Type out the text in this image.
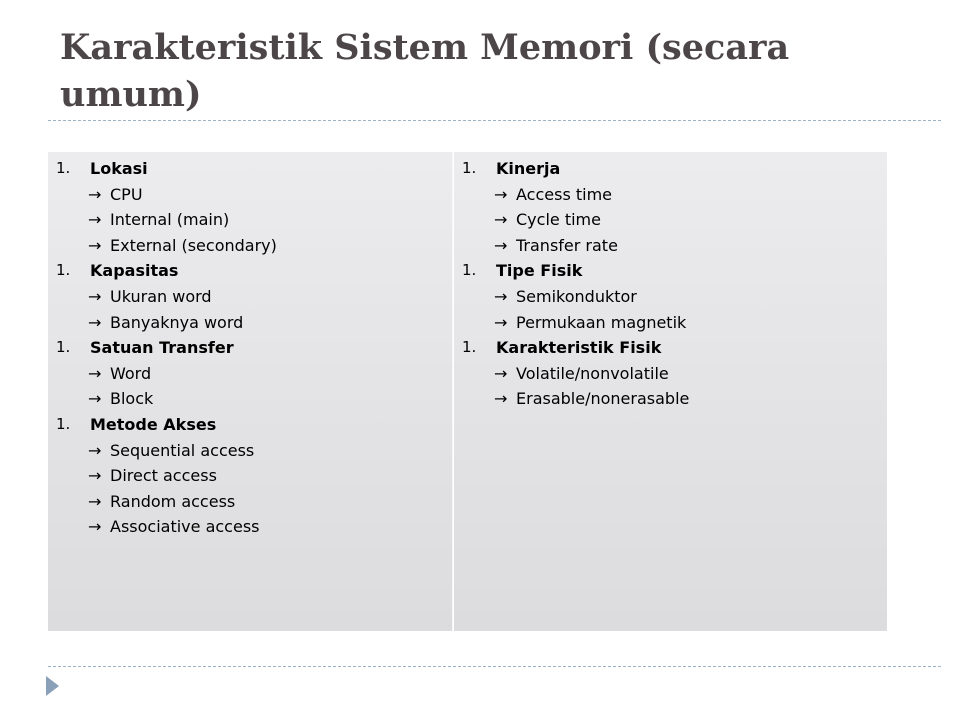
Karakteristik Sistem Memori (secara umum)
1.	Lokasi
→ CPU
→ Internal (main)
→ External (secondary)
1.	Kapasitas
→ Ukuran word
→ Banyaknya word
1.	Satuan Transfer
→ Word
→ Block
1.	Metode Akses
→ Sequential access
→ Direct access
→ Random access
→ Associative access
1.	Kinerja
→ Access time
→ Cycle time
→ Transfer rate
1.	Tipe Fisik
→ Semikonduktor
→ Permukaan magnetik
1.	Karakteristik Fisik
→ Volatile/nonvolatile
→ Erasable/nonerasable
